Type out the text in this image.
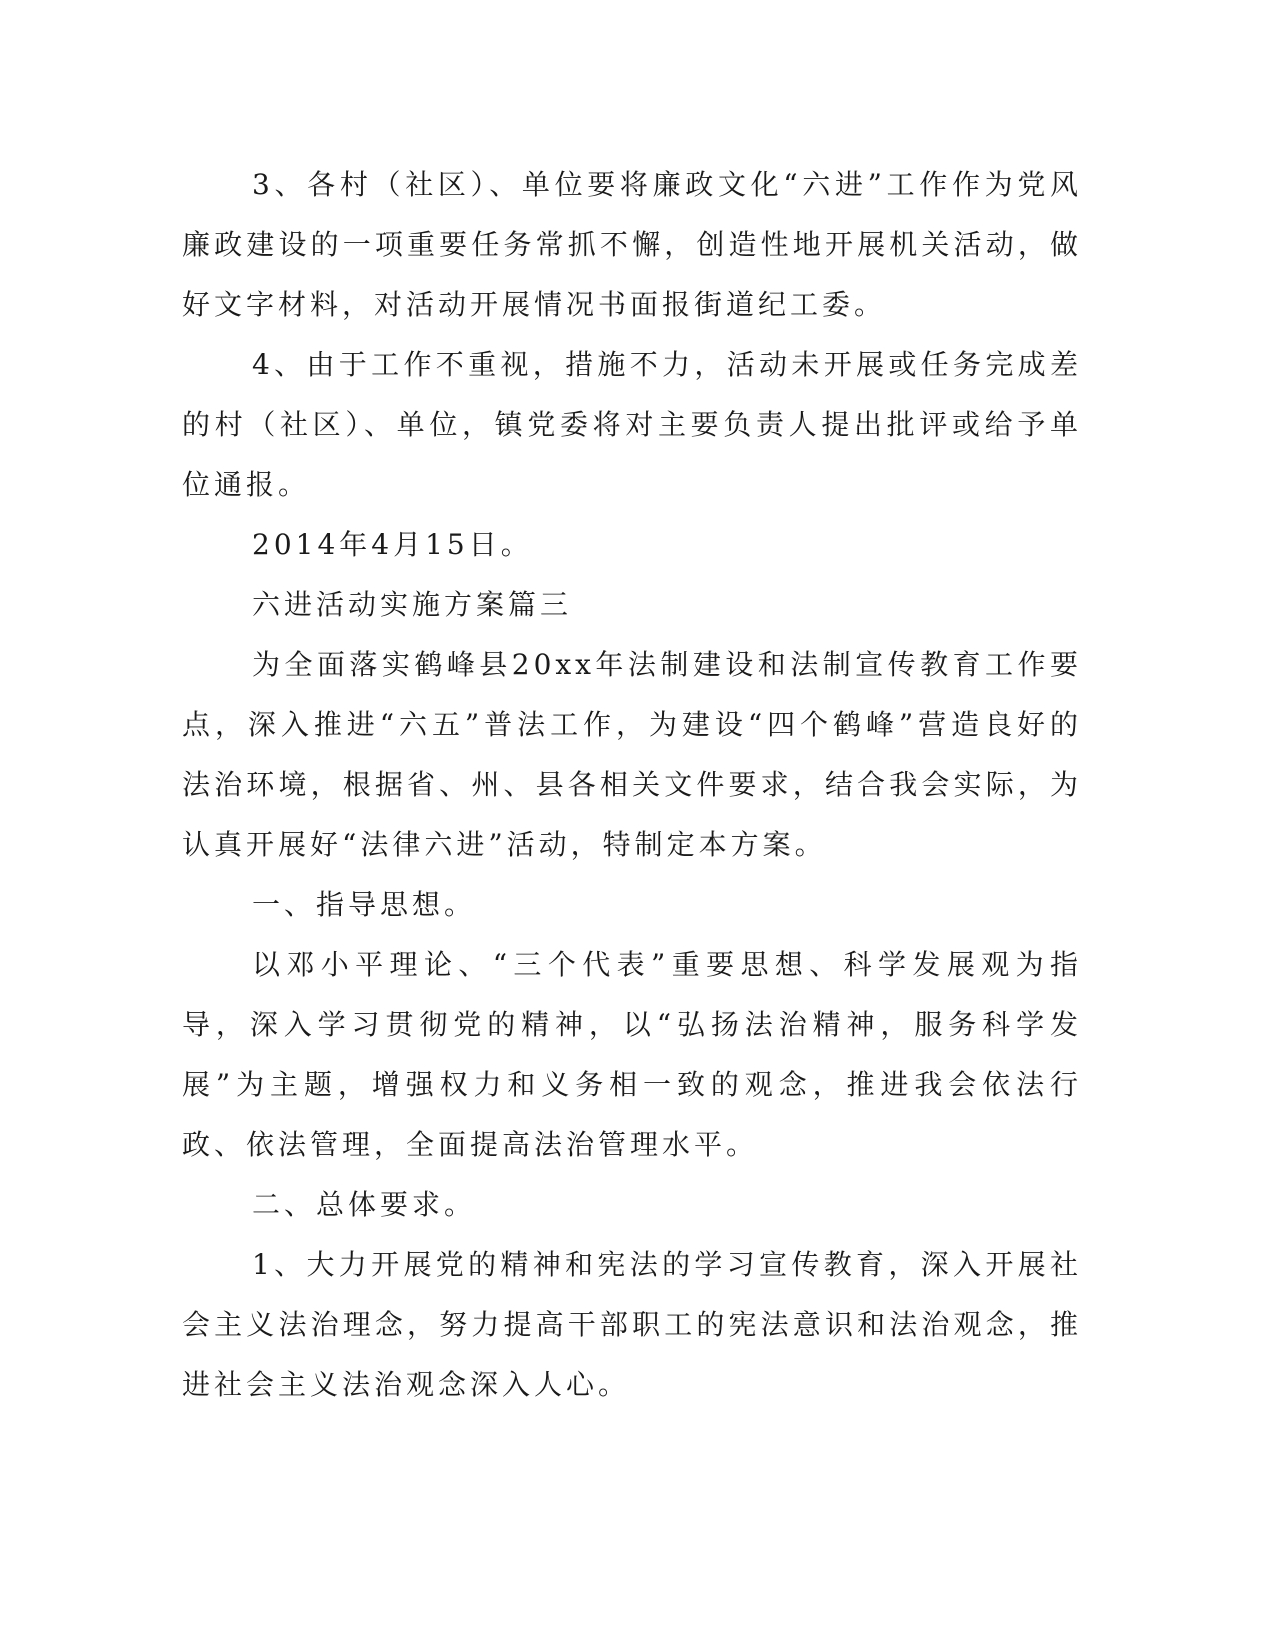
3、各村（社区）、单位要将廉政文化“六进”工作作为党风廉政建设的一项重要任务常抓不懈，创造性地开展机关活动，做好文字材料，对活动开展情况书面报街道纪工委。

4、由于工作不重视，措施不力，活动未开展或任务完成差的村（社区）、单位，镇党委将对主要负责人提出批评或给予单位通报。

2014年4月15日。

六进活动实施方案篇三

为全面落实鹤峰县20xx年法制建设和法制宣传教育工作要点，深入推进“六五”普法工作，为建设“四个鹤峰”营造良好的法治环境，根据省、州、县各相关文件要求，结合我会实际，为认真开展好“法律六进”活动，特制定本方案。

一、指导思想。

以邓小平理论、“三个代表”重要思想、科学发展观为指导，深入学习贯彻党的精神，以“弘扬法治精神，服务科学发展”为主题，增强权力和义务相一致的观念，推进我会依法行政、依法管理，全面提高法治管理水平。

二、总体要求。

1、大力开展党的精神和宪法的学习宣传教育，深入开展社会主义法治理念，努力提高干部职工的宪法意识和法治观念，推进社会主义法治观念深入人心。
